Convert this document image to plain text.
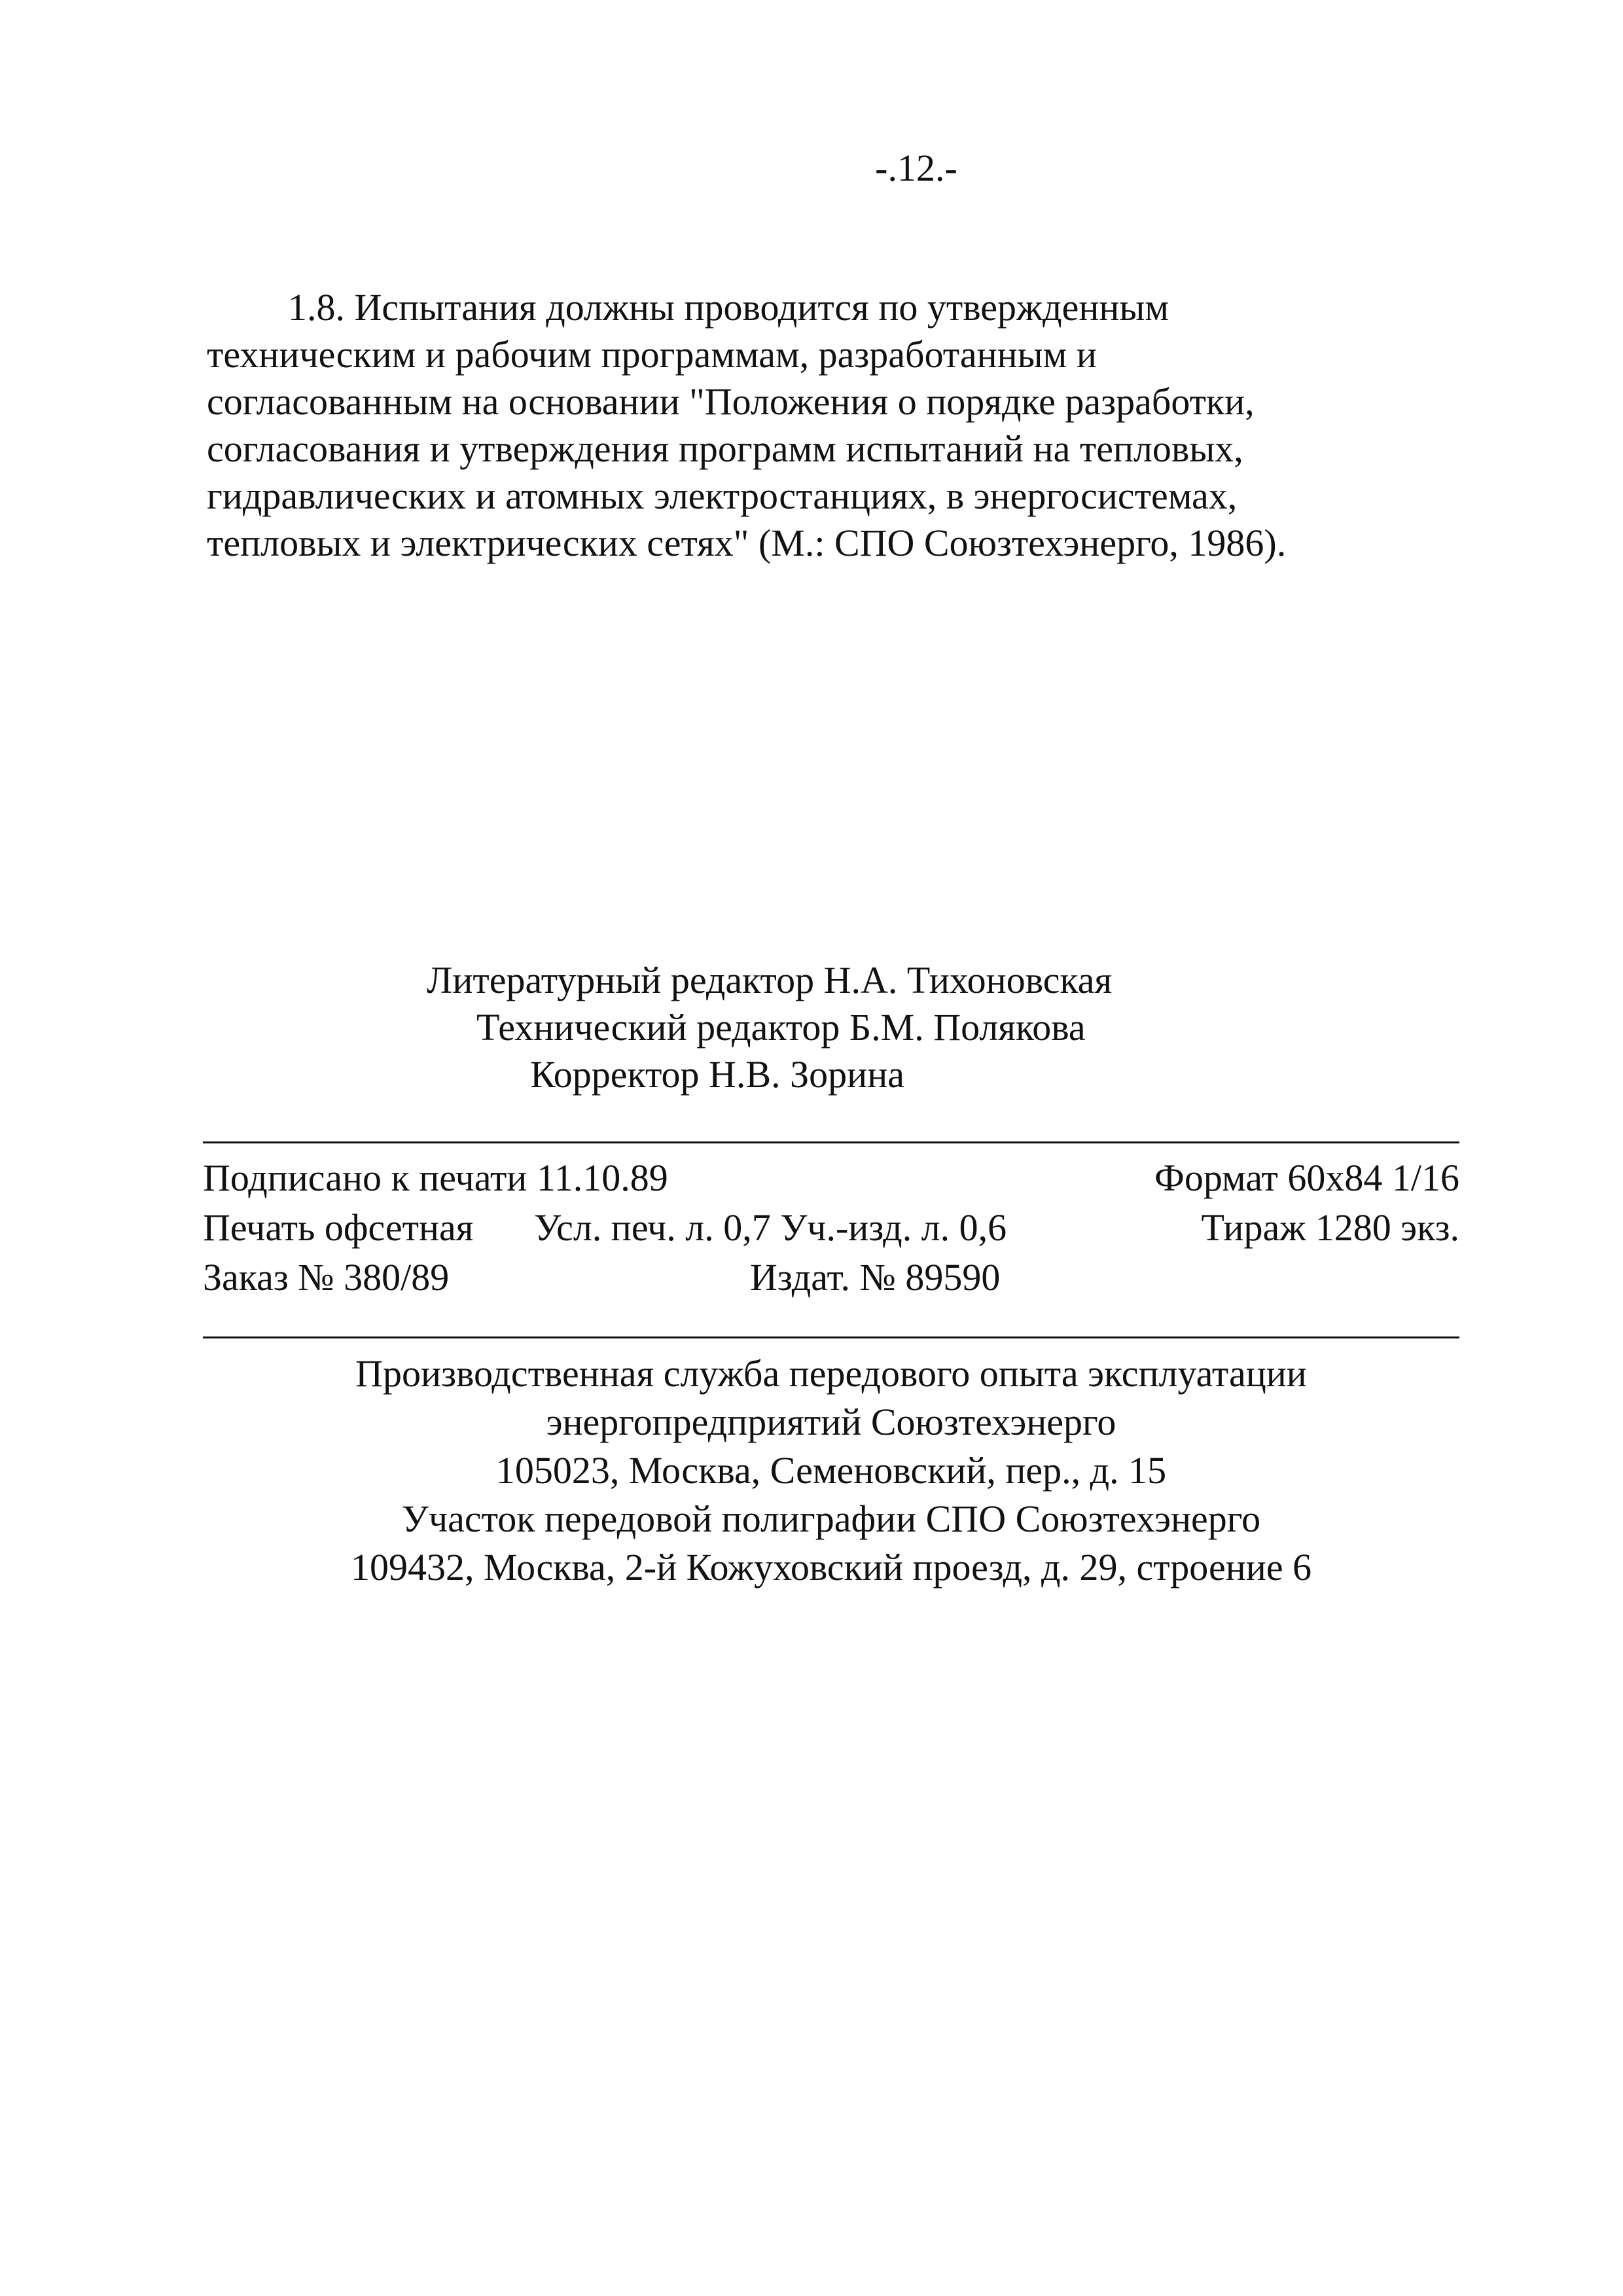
-.12.-
1.8. Испытания должны проводится по утвержденным
техническим и рабочим программам, разработанным и
согласованным на основании "Положения о порядке разработки,
согласования и утверждения программ испытаний на тепловых,
гидравлических и атомных электростанциях, в энергосистемах,
тепловых и электрических сетях" (М.: СПО Союзтехэнерго, 1986).
Литературный редактор Н.А. Тихоновская
Технический редактор Б.М. Полякова
Корректор Н.В. Зорина
Подписано к печати 11.10.89	Формат 60х84 1/16
Печать офсетная Усл. печ. л. 0,7 Уч.-изд. л. 0,6	Тираж 1280 экз.
Заказ № 380/89	Издат. № 89590
Производственная служба передового опыта эксплуатации
энергопредприятий Союзтехэнерго
105023, Москва, Семеновский, пер., д. 15
Участок передовой полиграфии СПО Союзтехэнерго
109432, Москва, 2-й Кожуховский проезд, д. 29, строение 6
